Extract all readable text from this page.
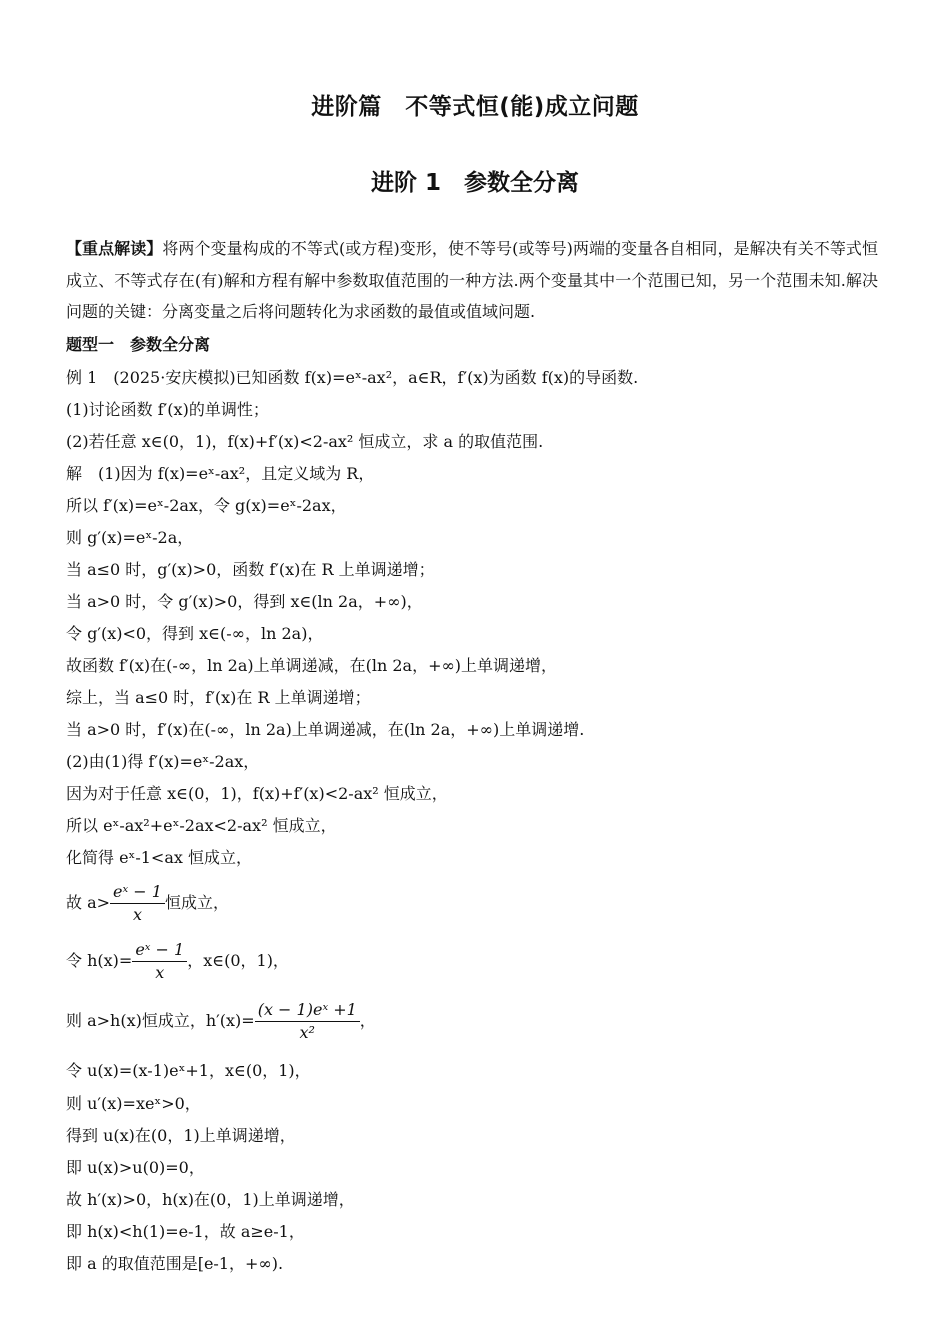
进阶篇　不等式恒(能)成立问题
进阶 1　参数全分离
【重点解读】将两个变量构成的不等式(或方程)变形，使不等号(或等号)两端的变量各自相同，是解决有关不等式恒成立、不等式存在(有)解和方程有解中参数取值范围的一种方法.两个变量其中一个范围已知，另一个范围未知.解决问题的关键：分离变量之后将问题转化为求函数的最值或值域问题.
题型一　参数全分离
例 1　(2025·安庆模拟)已知函数 f(x)=eˣ-ax²，a∈R，f′(x)为函数 f(x)的导函数.
(1)讨论函数 f′(x)的单调性；
(2)若任意 x∈(0，1)，f(x)+f′(x)<2-ax² 恒成立，求 a 的取值范围.
解　(1)因为 f(x)=eˣ-ax²，且定义域为 R，
所以 f′(x)=eˣ-2ax，令 g(x)=eˣ-2ax，
则 g′(x)=eˣ-2a，
当 a≤0 时，g′(x)>0，函数 f′(x)在 R 上单调递增；
当 a>0 时，令 g′(x)>0，得到 x∈(ln 2a，+∞)，
令 g′(x)<0，得到 x∈(-∞，ln 2a)，
故函数 f′(x)在(-∞，ln 2a)上单调递减，在(ln 2a，+∞)上单调递增，
综上，当 a≤0 时，f′(x)在 R 上单调递增；
当 a>0 时，f′(x)在(-∞，ln 2a)上单调递减，在(ln 2a，+∞)上单调递增.
(2)由(1)得 f′(x)=eˣ-2ax，
因为对于任意 x∈(0，1)，f(x)+f′(x)<2-ax² 恒成立，
所以 eˣ-ax²+eˣ-2ax<2-ax² 恒成立，
化简得 eˣ-1<ax 恒成立，
故 $a> \frac{\text{eˣ − 1}}{x}$ 恒成立，
令 $h(x)= \frac{\text{eˣ − 1}}{x}$ ，x∈(0，1)，
则 a>h(x)恒成立，$h'(x)= \frac{\text{(x − 1)eˣ +1}}{\text{x²}}$ ，
令 u(x)=(x-1)eˣ+1，x∈(0，1)，
则 u′(x)=xeˣ>0，
得到 u(x)在(0，1)上单调递增，
即 u(x)>u(0)=0，
故 h′(x)>0，h(x)在(0，1)上单调递增，
即 h(x)<h(1)=e-1，故 a≥e-1，
即 a 的取值范围是[e-1，+∞).
